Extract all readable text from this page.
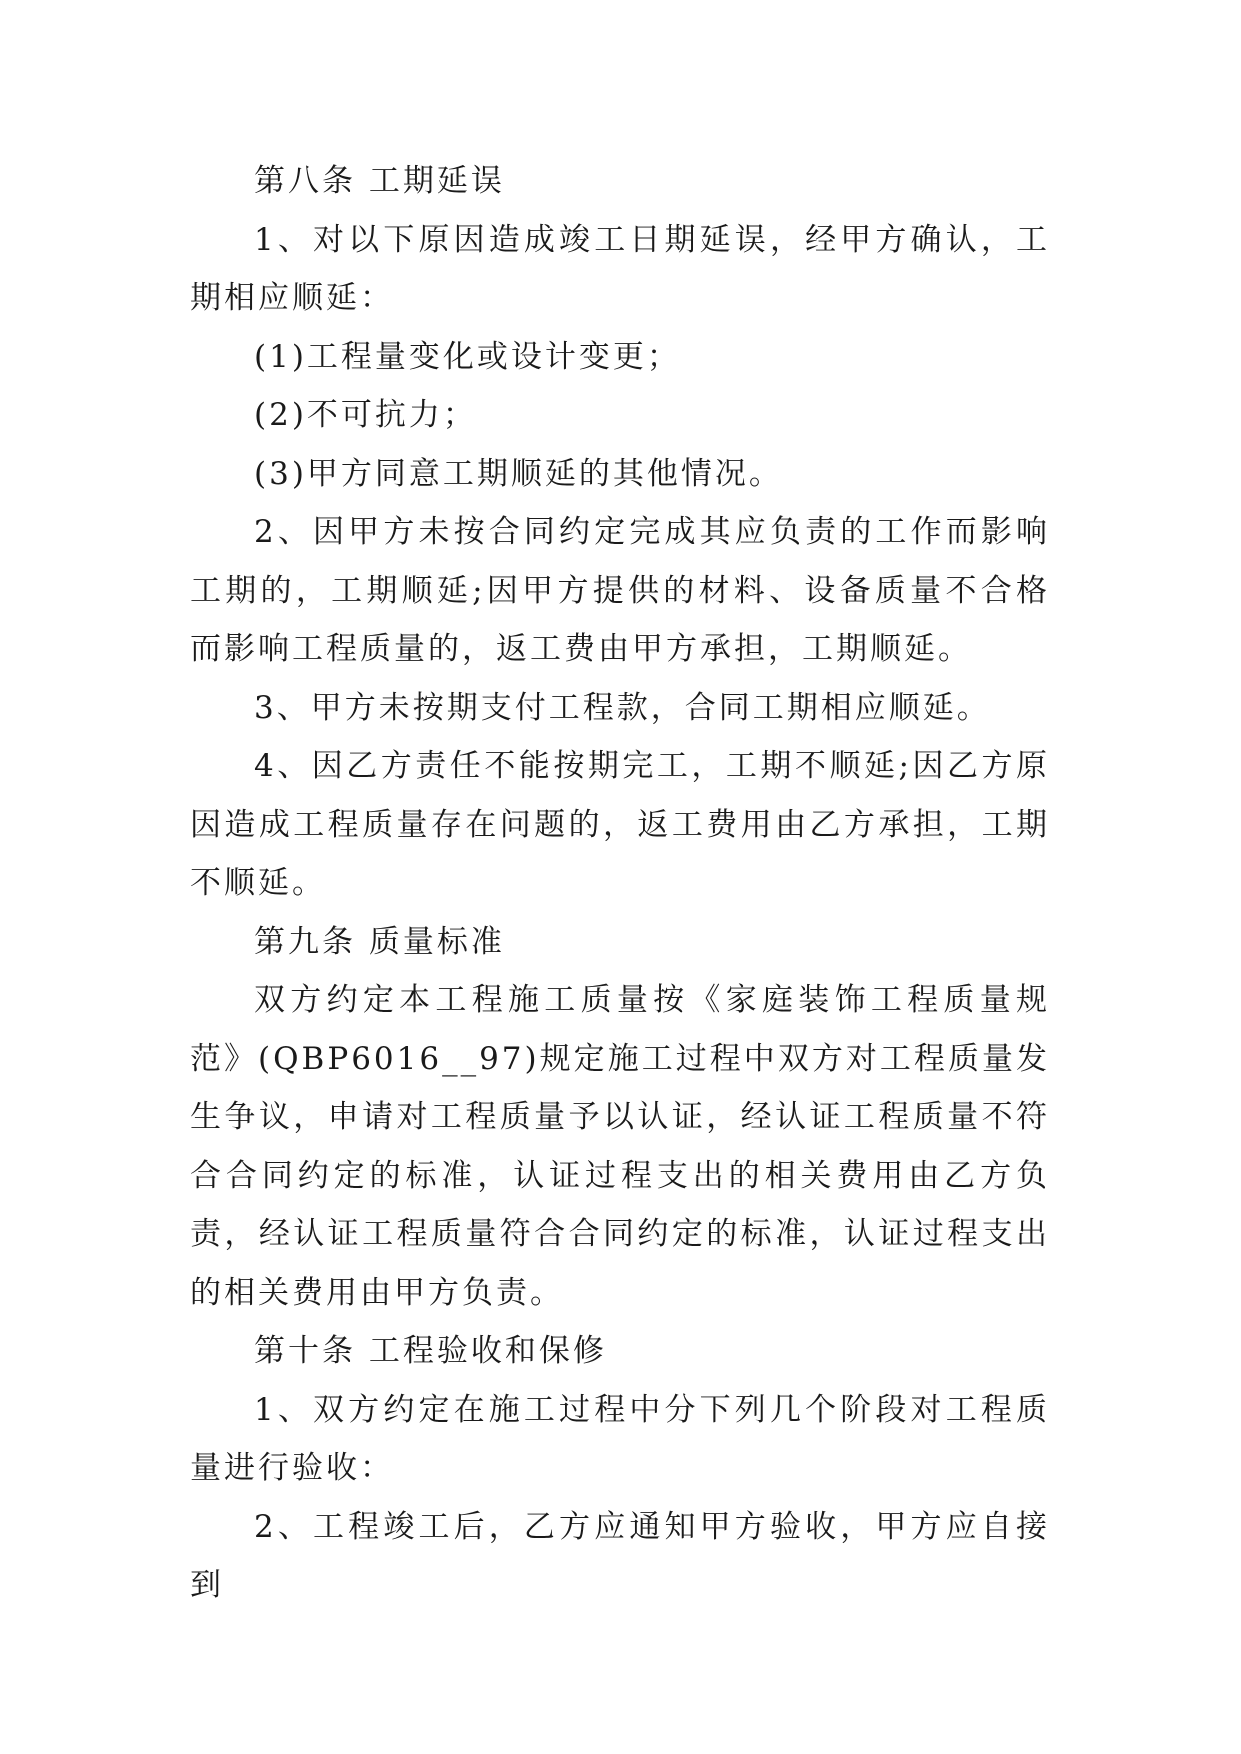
第八条 工期延误

1、对以下原因造成竣工日期延误，经甲方确认，工期相应顺延：

(1)工程量变化或设计变更；

(2)不可抗力；

(3)甲方同意工期顺延的其他情况。

2、因甲方未按合同约定完成其应负责的工作而影响工期的，工期顺延;因甲方提供的材料、设备质量不合格而影响工程质量的，返工费由甲方承担，工期顺延。

3、甲方未按期支付工程款，合同工期相应顺延。

4、因乙方责任不能按期完工，工期不顺延;因乙方原因造成工程质量存在问题的，返工费用由乙方承担，工期不顺延。

第九条 质量标准

双方约定本工程施工质量按《家庭装饰工程质量规范》(QBP6016__97)规定施工过程中双方对工程质量发生争议，申请对工程质量予以认证，经认证工程质量不符合合同约定的标准，认证过程支出的相关费用由乙方负责，经认证工程质量符合合同约定的标准，认证过程支出的相关费用由甲方负责。

第十条 工程验收和保修

1、双方约定在施工过程中分下列几个阶段对工程质量进行验收：

2、工程竣工后，乙方应通知甲方验收，甲方应自接到
